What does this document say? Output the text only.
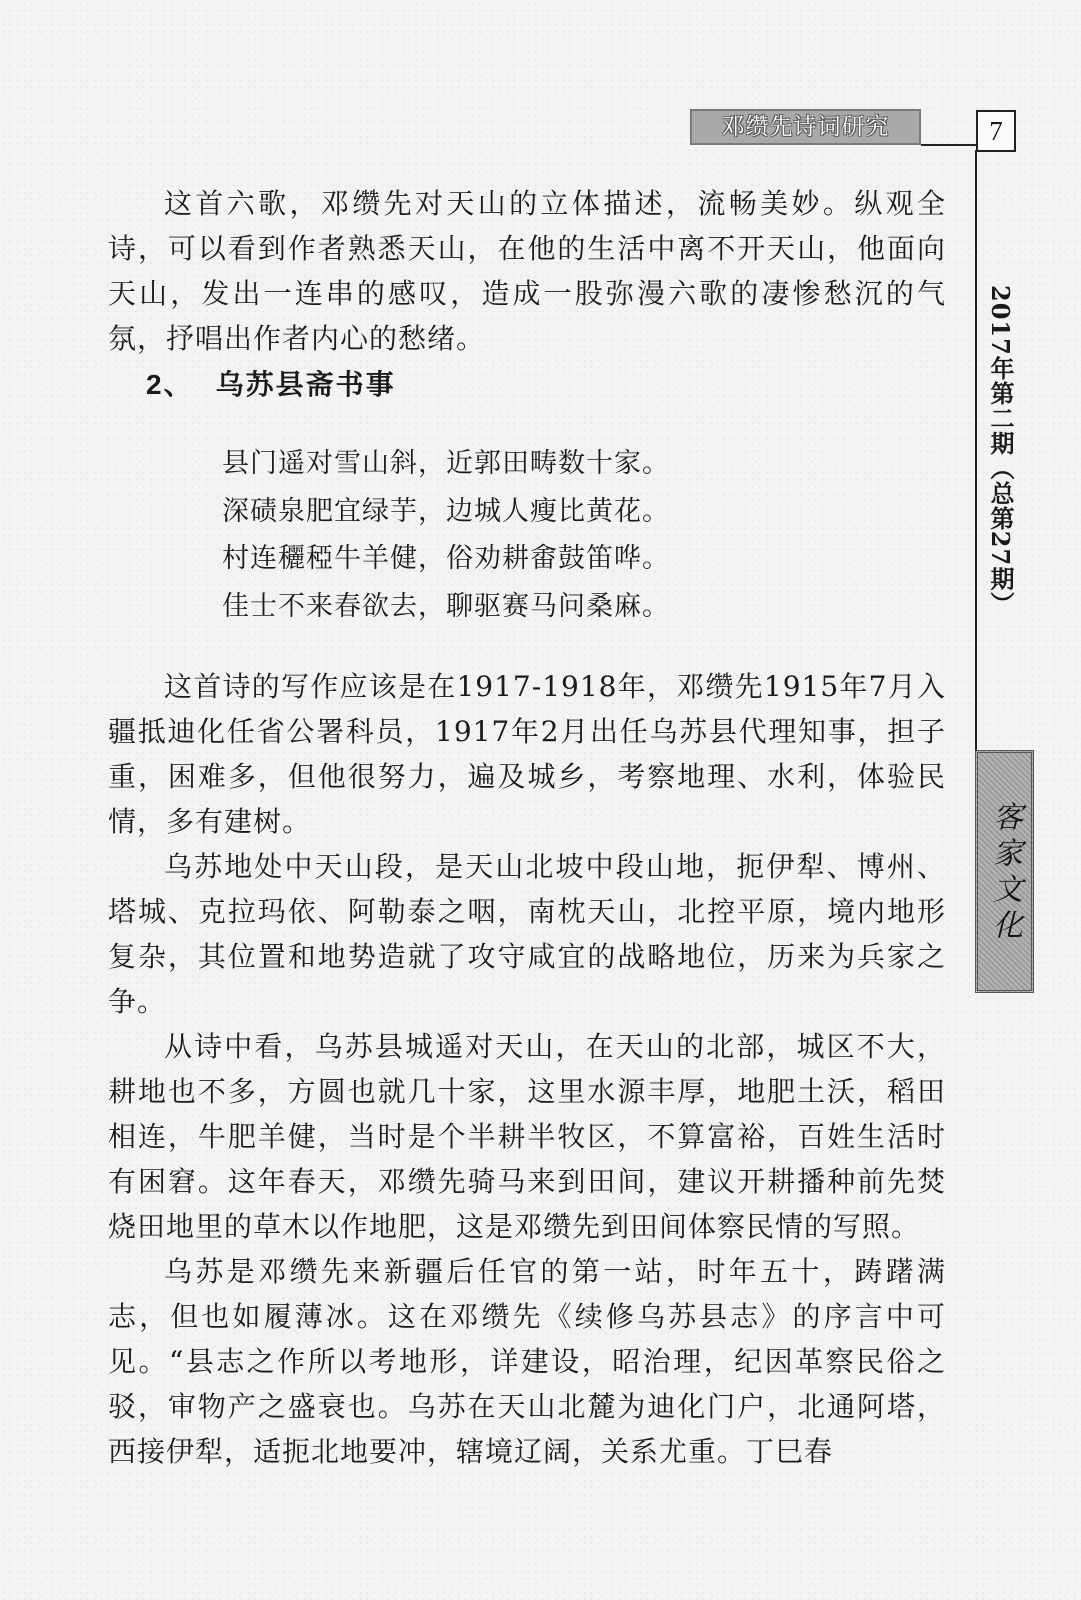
邓缵先诗词研究	7
2017年第二期（总第27期）
客家文化

这首六歌，邓缵先对天山的立体描述，流畅美妙。纵观全诗，可以看到作者熟悉天山，在他的生活中离不开天山，他面向天山，发出一连串的感叹，造成一股弥漫六歌的凄惨愁沉的气氛，抒唱出作者内心的愁绪。

2、 乌苏县斋书事
县门遥对雪山斜，近郭田畴数十家。
深碛泉肥宜绿芋，边城人瘦比黄花。
村连穲稏牛羊健，俗劝耕畬鼓笛哗。
佳士不来春欲去，聊驱赛马问桑麻。

这首诗的写作应该是在1917-1918年，邓缵先1915年7月入疆抵迪化任省公署科员，1917年2月出任乌苏县代理知事，担子重，困难多，但他很努力，遍及城乡，考察地理、水利，体验民情，多有建树。

乌苏地处中天山段，是天山北坡中段山地，扼伊犁、博州、塔城、克拉玛依、阿勒泰之咽，南枕天山，北控平原，境内地形复杂，其位置和地势造就了攻守咸宜的战略地位，历来为兵家之争。

从诗中看，乌苏县城遥对天山，在天山的北部，城区不大，耕地也不多，方圆也就几十家，这里水源丰厚，地肥土沃，稻田相连，牛肥羊健，当时是个半耕半牧区，不算富裕，百姓生活时有困窘。这年春天，邓缵先骑马来到田间，建议开耕播种前先焚烧田地里的草木以作地肥，这是邓缵先到田间体察民情的写照。

乌苏是邓缵先来新疆后任官的第一站，时年五十，踌躇满志，但也如履薄冰。这在邓缵先《续修乌苏县志》的序言中可见。“县志之作所以考地形，详建设，昭治理，纪因革察民俗之驳，审物产之盛衰也。乌苏在天山北麓为迪化门户，北通阿塔，西接伊犁，适扼北地要冲，辖境辽阔，关系尤重。丁巳春
